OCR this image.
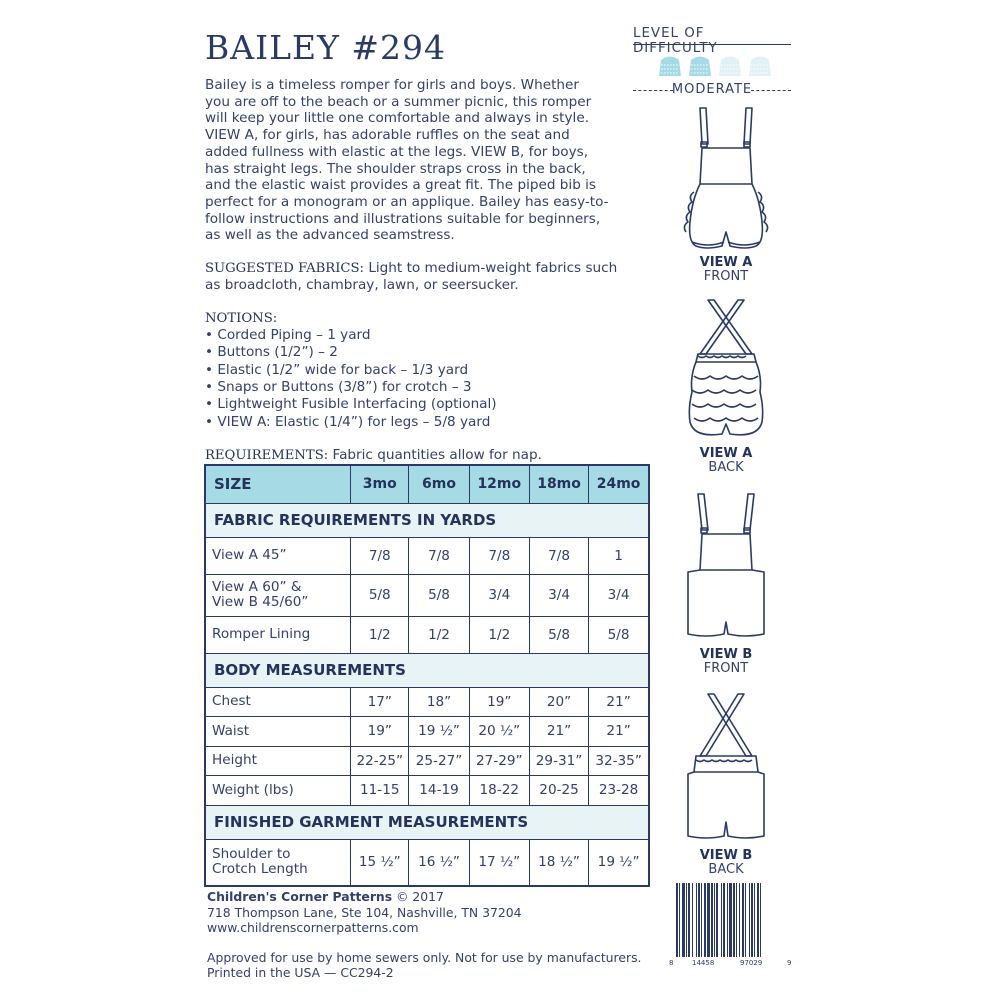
BAILEY #294
Bailey is a timeless romper for girls and boys. Whether
you are off to the beach or a summer picnic, this romper
will keep your little one comfortable and always in style.
VIEW A, for girls, has adorable ruffles on the seat and
added fullness with elastic at the legs. VIEW B, for boys,
has straight legs. The shoulder straps cross in the back,
and the elastic waist provides a great fit. The piped bib is
perfect for a monogram or an applique. Bailey has easy-to-
follow instructions and illustrations suitable for beginners,
as well as the advanced seamstress.
SUGGESTED FABRICS: Light to medium-weight fabrics such
as broadcloth, chambray, lawn, or seersucker.
NOTIONS:
• Corded Piping – 1 yard
• Buttons (1/2”) – 2
• Elastic (1/2” wide for back – 1/3 yard
• Snaps or Buttons (3/8”) for crotch – 3
• Lightweight Fusible Interfacing (optional)
• VIEW A: Elastic (1/4”) for legs – 5/8 yard
REQUIREMENTS: Fabric quantities allow for nap.
SIZE	3mo	6mo	12mo	18mo	24mo
FABRIC REQUIREMENTS IN YARDS					
View A 45”	7/8	7/8	7/8	7/8	1

View A 60” &
View B 45/60”	5/8	5/8	3/4	3/4	3/4
Romper Lining	1/2	1/2	1/2	5/8	5/8
BODY MEASUREMENTS					
Chest	17”	18”	19”	20”	21”
Waist	19”	19 ½”	20 ½”	21”	21”
Height	22-25”	25-27”	27-29”	29-31”	32-35”
Weight (lbs)	11-15	14-19	18-22	20-25	23-28
FINISHED GARMENT MEASUREMENTS					

Shoulder to
Crotch Length	15 ½”	16 ½”	17 ½”	18 ½”	19 ½”
Children's Corner Patterns © 2017
718 Thompson Lane, Ste 104, Nashville, TN 37204
www.childrenscornerpatterns.com
Approved for use by home sewers only. Not for use by manufacturers.
Printed in the USA — CC294-2
LEVEL OF DIFFICULTY
MODERATE
VIEW A
FRONT
VIEW A
BACK
VIEW B
FRONT
VIEW B
BACK
8	14458	97029	9
